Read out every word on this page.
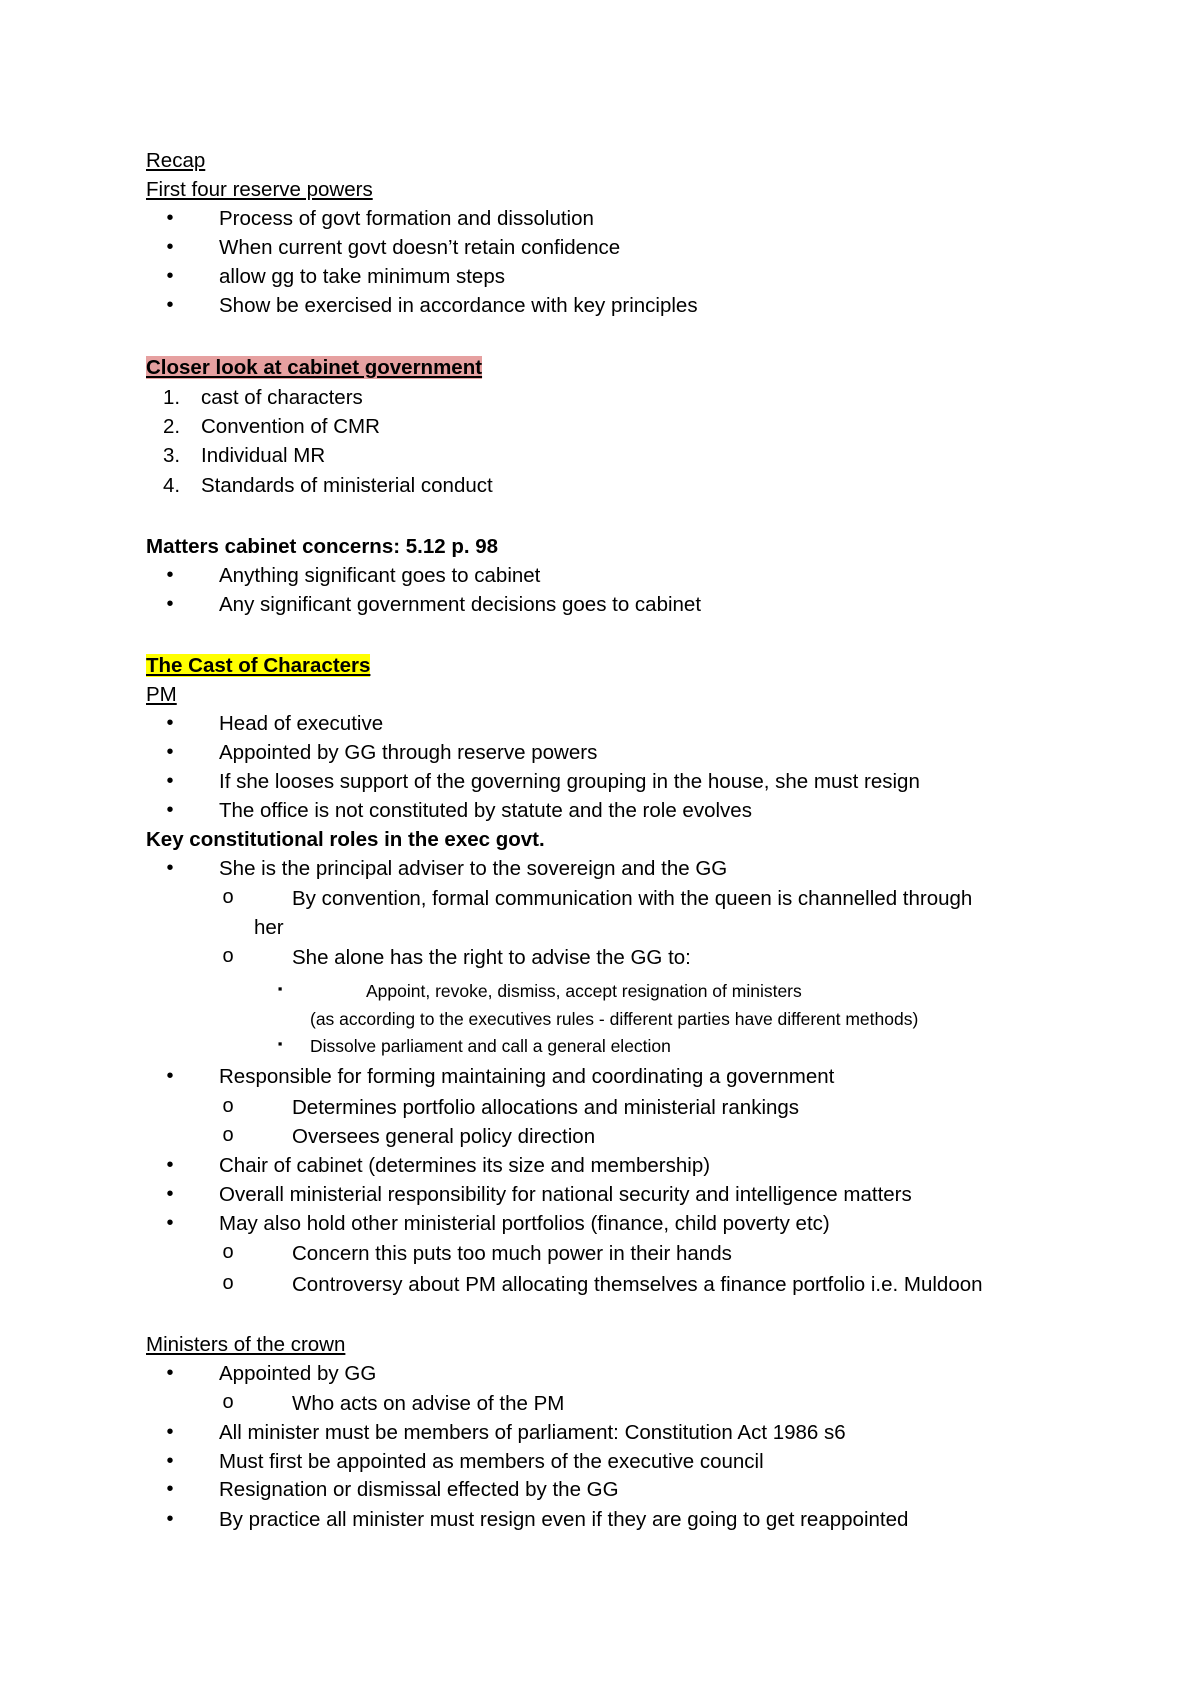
Recap
First four reserve powers
•	Process of govt formation and dissolution
•	When current govt doesn’t retain confidence
•	allow gg to take minimum steps
•	Show be exercised in accordance with key principles
Closer look at cabinet government
1. cast of characters
2. Convention of CMR
3. Individual MR
4. Standards of ministerial conduct
Matters cabinet concerns: 5.12 p. 98
•	Anything significant goes to cabinet
•	Any significant government decisions goes to cabinet
The Cast of Characters
PM
•	Head of executive
•	Appointed by GG through reserve powers
•	If she looses support of the governing grouping in the house, she must resign
•	The office is not constituted by statute and the role evolves
Key constitutional roles in the exec govt.
•	She is the principal adviser to the sovereign and the GG
o	By convention, formal communication with the queen is channelled through
her
o	She alone has the right to advise the GG to:
▪	Appoint, revoke, dismiss, accept resignation of ministers
(as according to the executives rules - different parties have different methods)
▪	Dissolve parliament and call a general election
•	Responsible for forming maintaining and coordinating a government
o	Determines portfolio allocations and ministerial rankings
o	Oversees general policy direction
•	Chair of cabinet (determines its size and membership)
•	Overall ministerial responsibility for national security and intelligence matters
•	May also hold other ministerial portfolios (finance, child poverty etc)
o	Concern this puts too much power in their hands
o	Controversy about PM allocating themselves a finance portfolio i.e. Muldoon
Ministers of the crown
•	Appointed by GG
o	Who acts on advise of the PM
•	All minister must be members of parliament: Constitution Act 1986 s6
•	Must first be appointed as members of the executive council
•	Resignation or dismissal effected by the GG
•	By practice all minister must resign even if they are going to get reappointed
